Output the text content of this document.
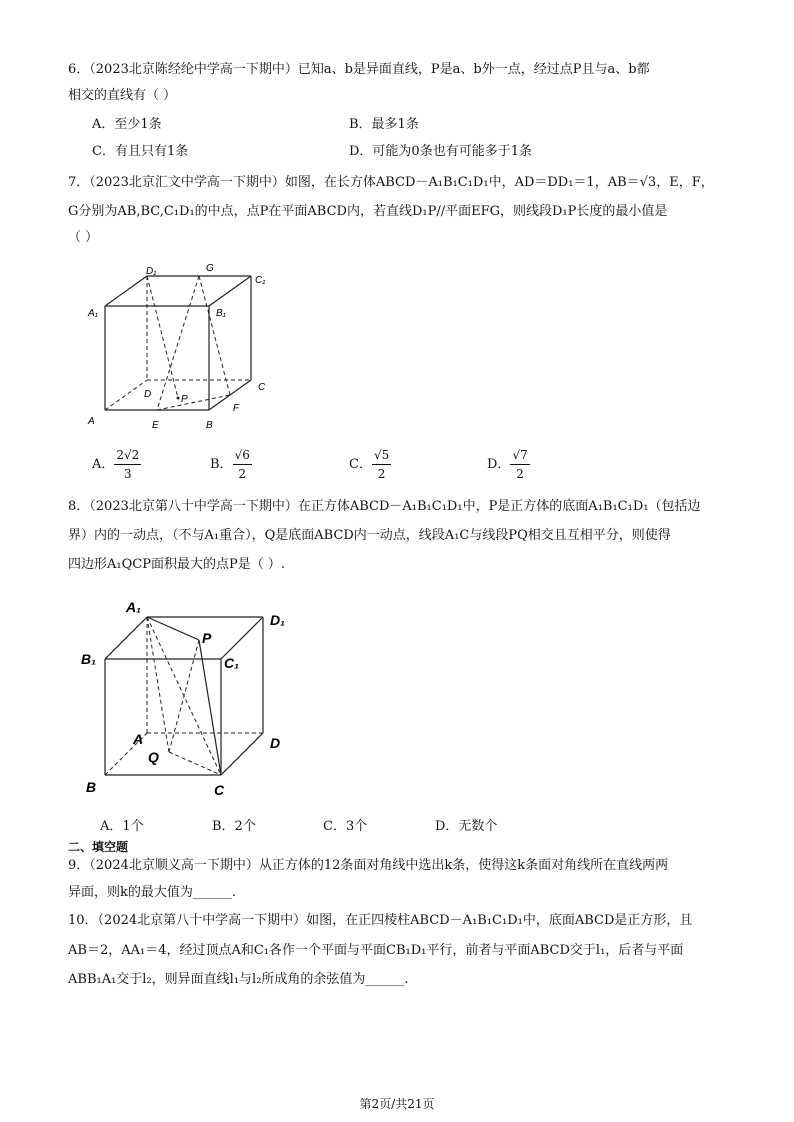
6．（2023北京陈经纶中学高一下期中）已知a、b是异面直线，P是a、b外一点，经过点P且与a、b都
相交的直线有（ ）
A．至少1条	B．最多1条
C．有且只有1条	D．可能为0条也有可能多于1条
7．（2023北京汇文中学高一下期中）如图，在长方体ABCD－A₁B₁C₁D₁中，AD＝DD₁＝1，AB＝√3，E，F，
G分别为AB,BC,C₁D₁的中点，点P在平面ABCD内，若直线D₁P//平面EFG，则线段D₁P长度的最小值是
（ ）
D₁	G
C₁
A₁	B₁
D	P
C
F
A	E	B
A． $\frac{2√2}{3}$	B． $\frac{√6}{2}$	C． $\frac{√5}{2}$	D． $\frac{√7}{2}$
8．（2023北京第八十中学高一下期中）在正方体ABCD－A₁B₁C₁D₁中，P是正方体的底面A₁B₁C₁D₁（包括边
界）内的一动点，（不与A₁重合），Q是底面ABCD内一动点，线段A₁C与线段PQ相交且互相平分，则使得
四边形A₁QCP面积最大的点P是（ ）.
A₁
P
D₁
B₁	C₁
A
Q
D
B	C
A．1个	B．2个	C．3个	D．无数个
二、填空题
9．（2024北京顺义高一下期中）从正方体的12条面对角线中选出k条，使得这k条面对角线所在直线两两
异面，则k的最大值为______.
10．（2024北京第八十中学高一下期中）如图，在正四棱柱ABCD－A₁B₁C₁D₁中，底面ABCD是正方形，且
AB＝2，AA₁＝4，经过顶点A和C₁各作一个平面与平面CB₁D₁平行，前者与平面ABCD交于l₁，后者与平面
ABB₁A₁交于l₂，则异面直线l₁与l₂所成角的余弦值为______.
第2页/共21页
